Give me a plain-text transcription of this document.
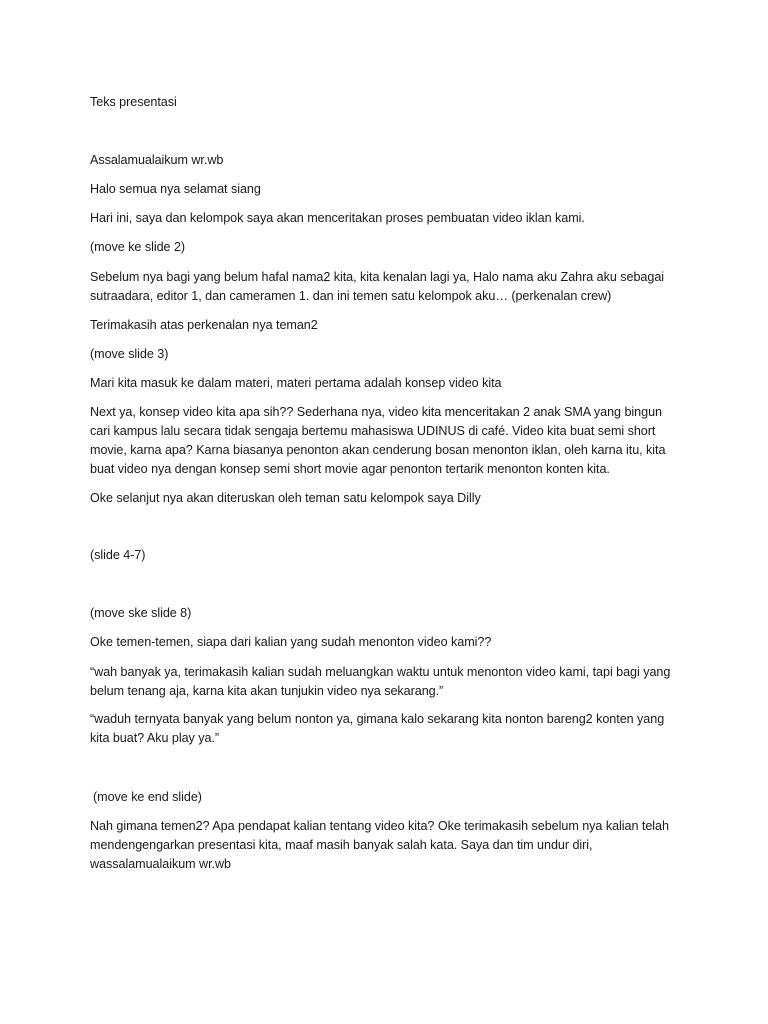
Teks presentasi

Assalamualaikum wr.wb

Halo semua nya selamat siang

Hari ini, saya dan kelompok saya akan menceritakan proses pembuatan video iklan kami.

(move ke slide 2)

Sebelum nya bagi yang belum hafal nama2 kita, kita kenalan lagi ya, Halo nama aku Zahra aku sebagai sutraadara, editor 1, dan cameramen 1. dan ini temen satu kelompok aku… (perkenalan crew)

Terimakasih atas perkenalan nya teman2

(move slide 3)

Mari kita masuk ke dalam materi, materi pertama adalah konsep video kita

Next ya, konsep video kita apa sih?? Sederhana nya, video kita menceritakan 2 anak SMA yang bingun cari kampus lalu secara tidak sengaja bertemu mahasiswa UDINUS di café. Video kita buat semi short movie, karna apa? Karna biasanya penonton akan cenderung bosan menonton iklan, oleh karna itu, kita buat video nya dengan konsep semi short movie agar penonton tertarik menonton konten kita.

Oke selanjut nya akan diteruskan oleh teman satu kelompok saya Dilly

(slide 4-7)

(move ske slide 8)

Oke temen-temen, siapa dari kalian yang sudah menonton video kami??

“wah banyak ya, terimakasih kalian sudah meluangkan waktu untuk menonton video kami, tapi bagi yang belum tenang aja, karna kita akan tunjukin video nya sekarang.”

“waduh ternyata banyak yang belum nonton ya, gimana kalo sekarang kita nonton bareng2 konten yang kita buat? Aku play ya.”

(move ke end slide)

Nah gimana temen2? Apa pendapat kalian tentang video kita? Oke terimakasih sebelum nya kalian telah mendengengarkan presentasi kita, maaf masih banyak salah kata. Saya dan tim undur diri, wassalamualaikum wr.wb
